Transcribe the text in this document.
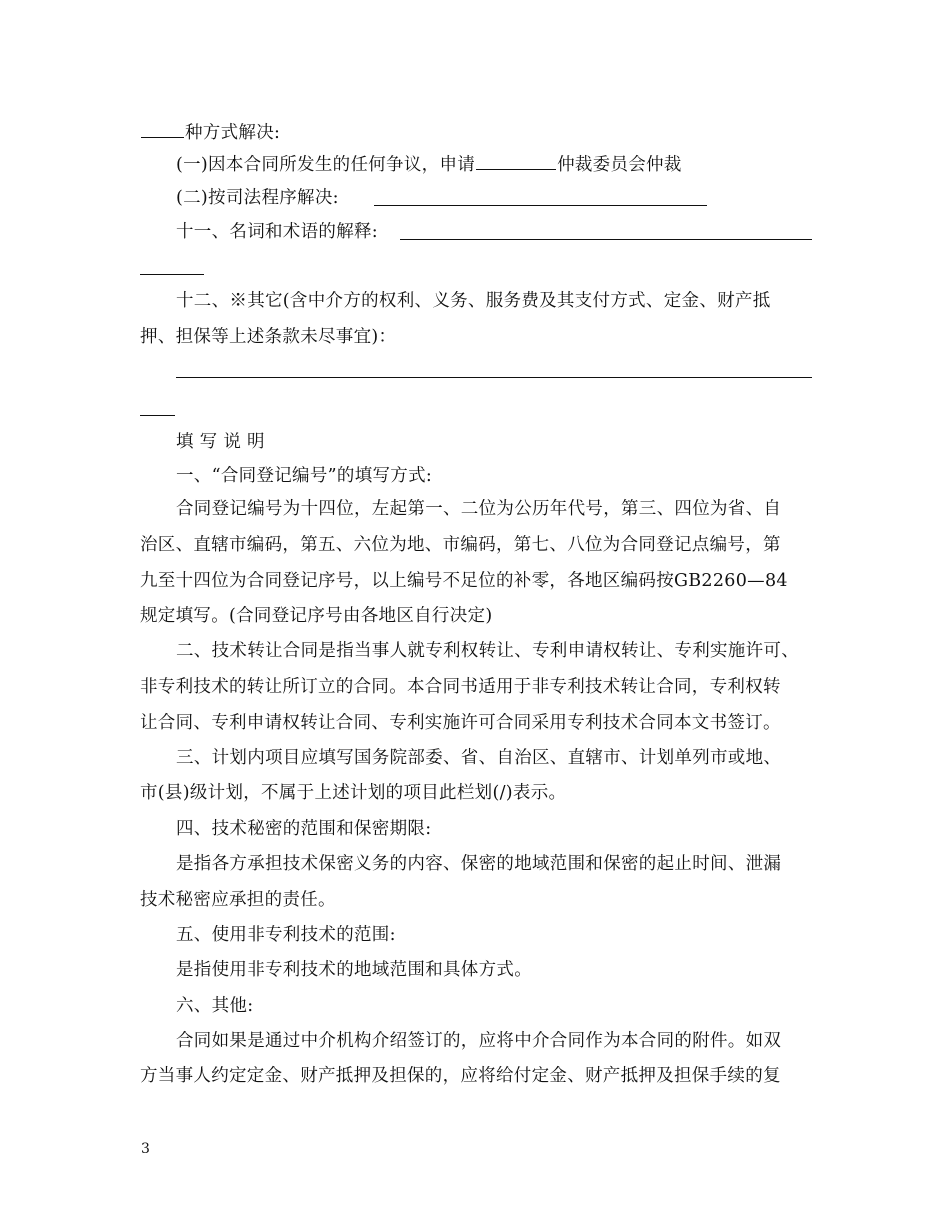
种方式解决:
(一)因本合同所发生的任何争议，申请	仲裁委员会仲裁
(二)按司法程序解决:
十一、名词和术语的解释:
十二、※其它(含中介方的权利、义务、服务费及其支付方式、定金、财产抵
押、担保等上述条款未尽事宜)：
填 写 说 明
一、“合同登记编号”的填写方式:
合同登记编号为十四位，左起第一、二位为公历年代号，第三、四位为省、自
治区、直辖市编码，第五、六位为地、市编码，第七、八位为合同登记点编号，第
九至十四位为合同登记序号，以上编号不足位的补零，各地区编码按GB2260—84
规定填写。(合同登记序号由各地区自行决定)
二、技术转让合同是指当事人就专利权转让、专利申请权转让、专利实施许可、
非专利技术的转让所订立的合同。本合同书适用于非专利技术转让合同，专利权转
让合同、专利申请权转让合同、专利实施许可合同采用专利技术合同本文书签订。
三、计划内项目应填写国务院部委、省、自治区、直辖市、计划单列市或地、
市(县)级计划，不属于上述计划的项目此栏划(/)表示。
四、技术秘密的范围和保密期限:
是指各方承担技术保密义务的内容、保密的地域范围和保密的起止时间、泄漏
技术秘密应承担的责任。
五、使用非专利技术的范围:
是指使用非专利技术的地域范围和具体方式。
六、其他:
合同如果是通过中介机构介绍签订的，应将中介合同作为本合同的附件。如双
方当事人约定定金、财产抵押及担保的，应将给付定金、财产抵押及担保手续的复
3
